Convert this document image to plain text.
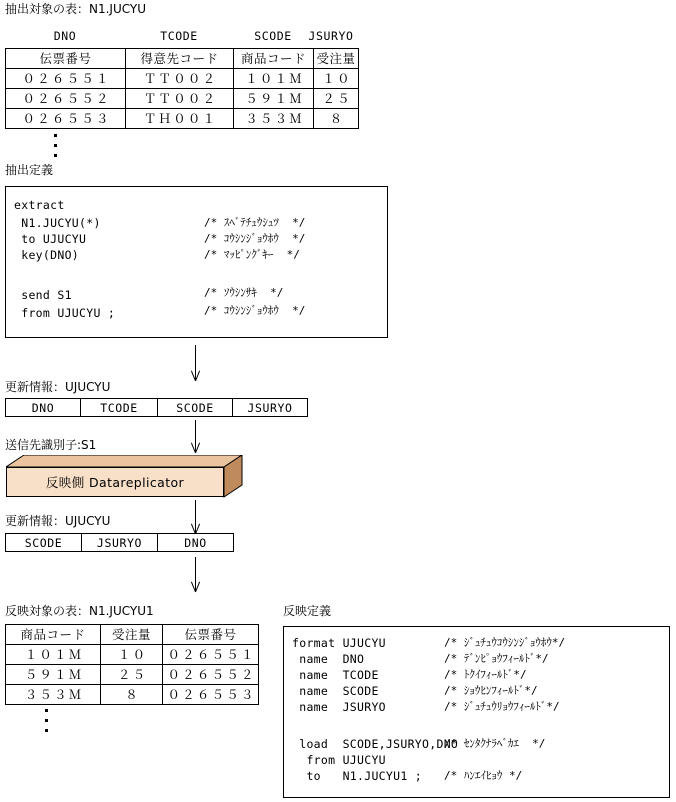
抽出対象の表：N1.JUCYU
DNO	TCODE	SCODE	JSURYO
伝票番号	得意先コード	商品コード	受注量
０２６５５１	ＴＴ００２	１０１Ｍ	１０
０２６５５２	ＴＴ００２	５９１Ｍ	２５
０２６５５３	ＴＨ００１	３５３Ｍ	８
抽出定義
extract
N1.JUCYU(*)	/* ｽﾍﾞﾃﾁｭｳｼｭﾂ  */
to UJUCYU	/* ｺｳｼﾝｼﾞｮｳﾎｳ  */
key(DNO)	/* ﾏｯﾋﾟﾝｸﾞｷｰ  */
send S1	/* ｿｳｼﾝｻｷ  */
from UJUCYU ;	/* ｺｳｼﾝｼﾞｮｳﾎｳ  */
更新情報：UJUCYU
DNO	TCODE	SCODE	JSURYO
送信先識別子:S1
反映側 Datareplicator
更新情報：UJUCYU
SCODE	JSURYO	DNO
反映対象の表：N1.JUCYU1
商品コード	受注量	伝票番号
１０１Ｍ	１０	０２６５５１
５９１Ｍ	２５	０２６５５２
３５３Ｍ	８	０２６５５３
反映定義
format UJUCYU	/* ｼﾞｭﾁｭｳｺｳｼﾝｼﾞｮｳﾎｳ*/
name  DNO	/* ﾃﾞﾝﾋﾟｮｳﾌｨｰﾙﾄﾞ*/
name  TCODE	/* ﾄｸｲﾌｨｰﾙﾄﾞ*/
name  SCODE	/* ｼｮｳﾋﾝﾌｨｰﾙﾄﾞ*/
name  JSURYO	/* ｼﾞｭﾁｭｳﾘｮｳﾌｨｰﾙﾄﾞ*/
load  SCODE,JSURYO,DNO
/* ｾﾝﾀｸﾅﾗﾍﾞｶｴ  */
from UJUCYU
to   N1.JUCYU1 ; /* ﾊﾝｴｲﾋｮｳ */
